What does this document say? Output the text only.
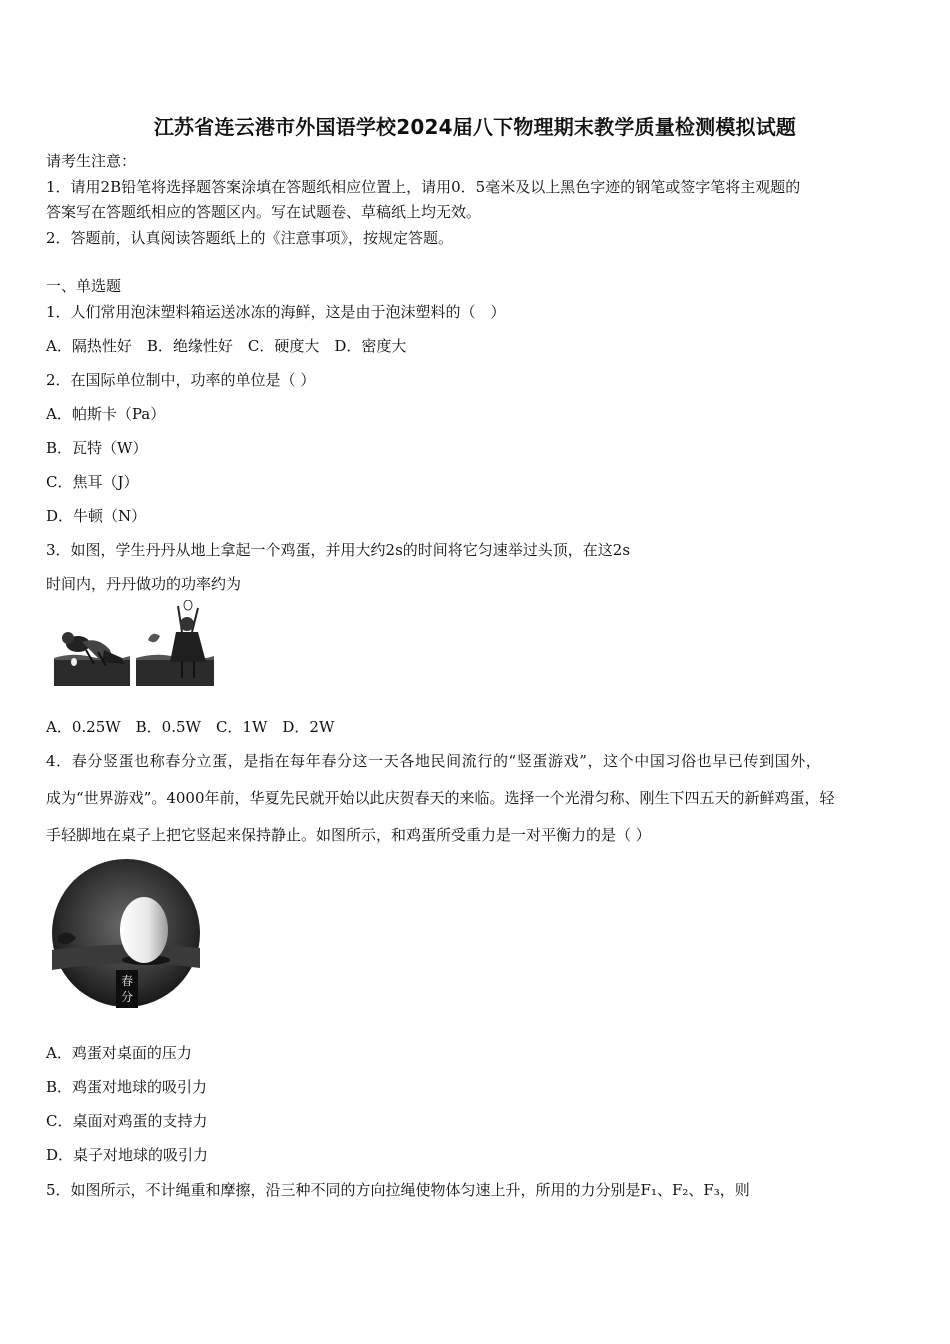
江苏省连云港市外国语学校2024届八下物理期末教学质量检测模拟试题
请考生注意：
1．请用2B铅笔将选择题答案涂填在答题纸相应位置上，请用0．5毫米及以上黑色字迹的钢笔或签字笔将主观题的
答案写在答题纸相应的答题区内。写在试题卷、草稿纸上均无效。
2．答题前，认真阅读答题纸上的《注意事项》，按规定答题。
一、单选题
1．人们常用泡沫塑料箱运送冰冻的海鲜，这是由于泡沫塑料的（　）
A．隔热性好　B．绝缘性好　C．硬度大　D．密度大
2．在国际单位制中，功率的单位是（ ）
A．帕斯卡（Pa）
B．瓦特（W）
C．焦耳（J）
D．牛顿（N）
3．如图，学生丹丹从地上拿起一个鸡蛋，并用大约2s的时间将它匀速举过头顶，在这2s
时间内，丹丹做功的功率约为
A．0.25W　B．0.5W　C．1W　D．2W
4．春分竖蛋也称春分立蛋，是指在每年春分这一天各地民间流行的“竖蛋游戏”，这个中国习俗也早已传到国外，
成为“世界游戏”。4000年前，华夏先民就开始以此庆贺春天的来临。选择一个光滑匀称、刚生下四五天的新鲜鸡蛋，轻
手轻脚地在桌子上把它竖起来保持静止。如图所示，和鸡蛋所受重力是一对平衡力的是（ ）
春
分
A．鸡蛋对桌面的压力
B．鸡蛋对地球的吸引力
C．桌面对鸡蛋的支持力
D．桌子对地球的吸引力
5．如图所示，不计绳重和摩擦，沿三种不同的方向拉绳使物体匀速上升，所用的力分别是F₁、F₂、F₃，则
